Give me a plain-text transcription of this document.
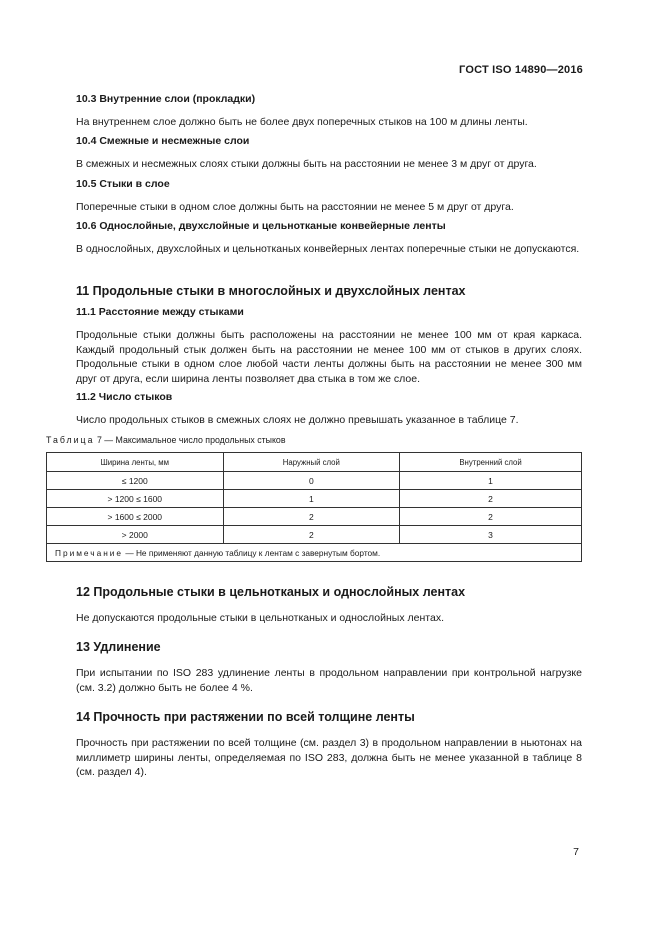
ГОСТ ISO 14890—2016
10.3 Внутренние слои (прокладки)

На внутреннем слое должно быть не более двух поперечных стыков на 100 м длины ленты.

10.4 Смежные и несмежные слои

В смежных и несмежных слоях стыки должны быть на расстоянии не менее 3 м друг от друга.

10.5 Стыки в слое

Поперечные стыки в одном слое должны быть на расстоянии не менее 5 м друг от друга.

10.6 Однослойные, двухслойные и цельнотканые конвейерные ленты

В однослойных, двухслойных и цельнотканых конвейерных лентах поперечные стыки не допускаются.

11 Продольные стыки в многослойных и двухслойных лентах
11.1 Расстояние между стыками

Продольные стыки должны быть расположены на расстоянии не менее 100 мм от края каркаса. Каждый продольный стык должен быть на расстоянии не менее 100 мм от стыков в других слоях. Продольные стыки в одном слое любой части ленты должны быть на расстоянии не менее 300 мм друг от друга, если ширина ленты позволяет два стыка в том же слое.

11.2 Число стыков

Число продольных стыков в смежных слоях не должно превышать указанное в таблице 7.

Таблица 7 — Максимальное число продольных стыков
Ширина ленты, мм	Наружный слой	Внутренний слой
≤ 1200	0	1
> 1200 ≤ 1600	1	2
> 1600 ≤ 2000	2	2
> 2000	2	3
Примечание — Не применяют данную таблицу к лентам с завернутым бортом.		
12 Продольные стыки в цельнотканых и однослойных лентах

Не допускаются продольные стыки в цельнотканых и однослойных лентах.

13 Удлинение

При испытании по ISO 283 удлинение ленты в продольном направлении при контрольной нагрузке (см. 3.2) должно быть не более 4 %.

14 Прочность при растяжении по всей толщине ленты

Прочность при растяжении по всей толщине (см. раздел 3) в продольном направлении в ньютонах на миллиметр ширины ленты, определяемая по ISO 283, должна быть не менее указанной в таблице 8 (см. раздел 4).

7
